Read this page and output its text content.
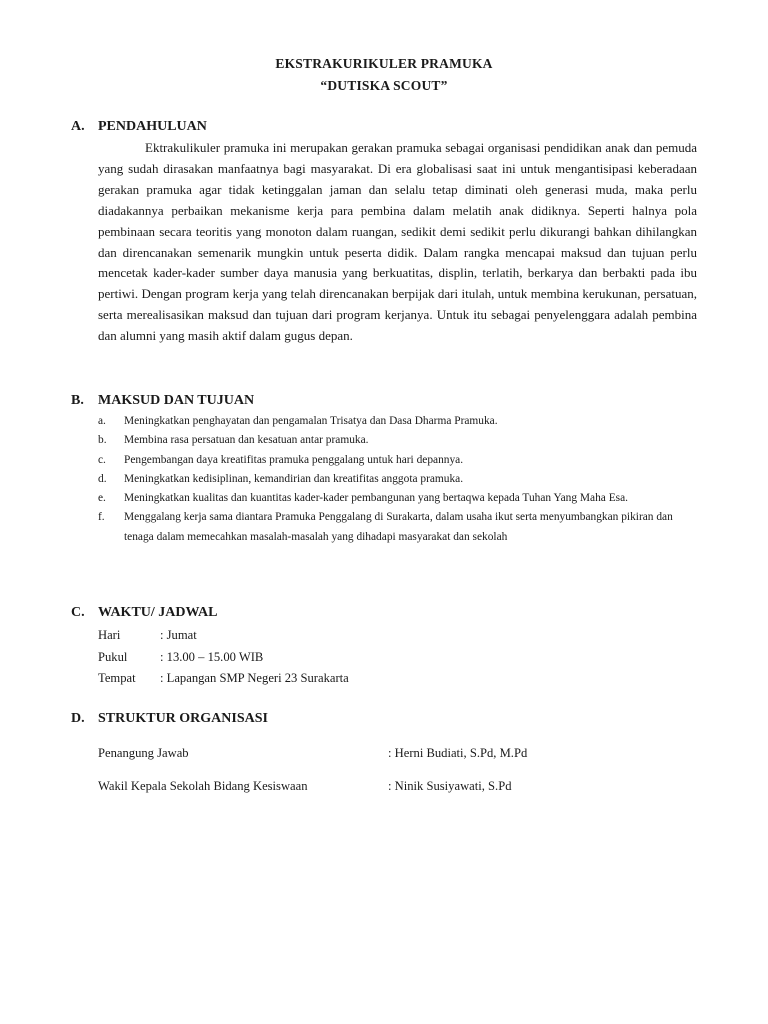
EKSTRAKURIKULER PRAMUKA
“DUTISKA SCOUT”
A. PENDAHULUAN
Ektrakulikuler pramuka ini merupakan gerakan pramuka sebagai organisasi pendidikan anak dan pemuda yang sudah dirasakan manfaatnya bagi masyarakat. Di era globalisasi saat ini untuk mengantisipasi keberadaan gerakan pramuka agar tidak ketinggalan jaman dan selalu tetap diminati oleh generasi muda, maka perlu diadakannya perbaikan mekanisme kerja para pembina dalam melatih anak didiknya. Seperti halnya pola pembinaan secara teoritis yang monoton dalam ruangan, sedikit demi sedikit perlu dikurangi bahkan dihilangkan dan direncanakan semenarik mungkin untuk peserta didik. Dalam rangka mencapai maksud dan tujuan perlu mencetak kader-kader sumber daya manusia yang berkuatitas, displin, terlatih, berkarya dan berbakti pada ibu pertiwi. Dengan program kerja yang telah direncanakan berpijak dari itulah, untuk membina kerukunan, persatuan, serta merealisasikan maksud dan tujuan dari program kerjanya. Untuk itu sebagai penyelenggara adalah pembina dan alumni yang masih aktif dalam gugus depan.
B. MAKSUD DAN TUJUAN
a. Meningkatkan penghayatan dan pengamalan Trisatya dan Dasa Dharma Pramuka.
b. Membina rasa persatuan dan kesatuan antar pramuka.
c. Pengembangan daya kreatifitas pramuka penggalang untuk hari depannya.
d. Meningkatkan kedisiplinan, kemandirian dan kreatifitas anggota pramuka.
e. Meningkatkan kualitas dan kuantitas kader-kader pembangunan yang bertaqwa kepada Tuhan Yang Maha Esa.
f. Menggalang kerja sama diantara Pramuka Penggalang di Surakarta, dalam usaha ikut serta menyumbangkan pikiran dan tenaga dalam memecahkan masalah-masalah yang dihadapi masyarakat dan sekolah
C. WAKTU/ JADWAL
Hari	: Jumat
Pukul	: 13.00 – 15.00 WIB
Tempat : Lapangan SMP Negeri 23 Surakarta
D. STRUKTUR ORGANISASI
Penangung Jawab	: Herni Budiati, S.Pd, M.Pd
Wakil Kepala Sekolah Bidang Kesiswaan	: Ninik Susiyawati, S.Pd
